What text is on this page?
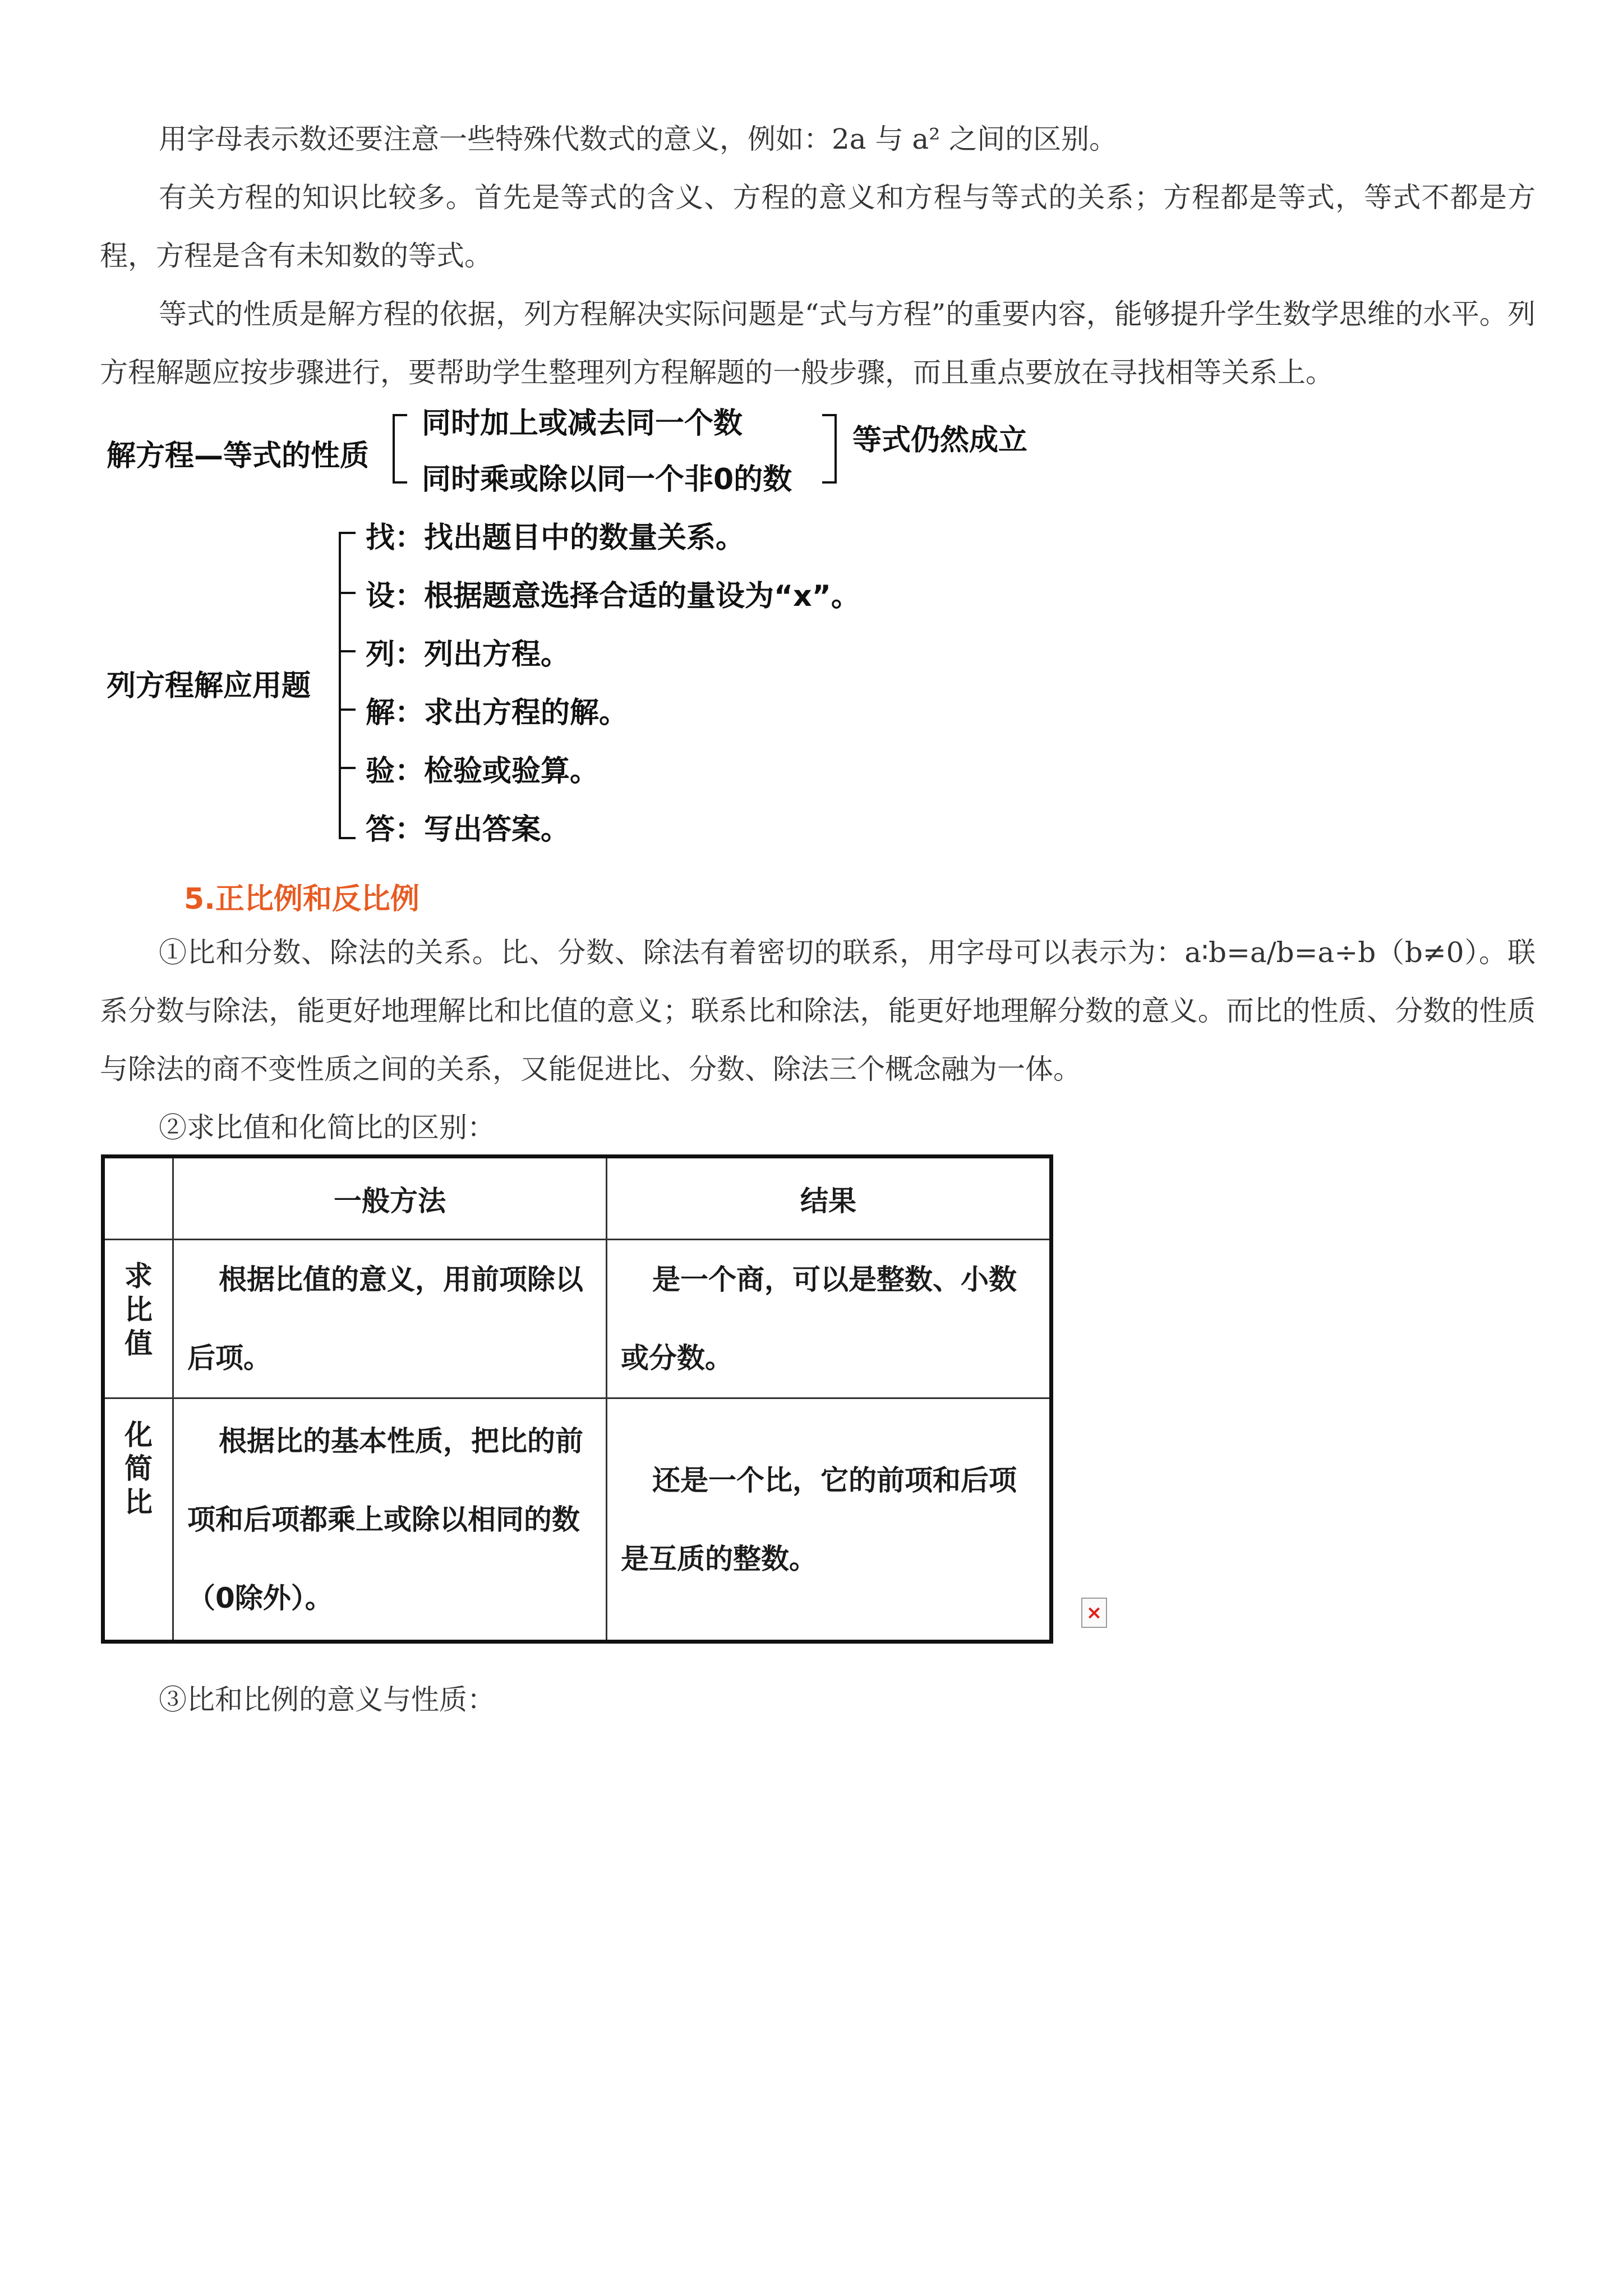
用字母表示数还要注意一些特殊代数式的意义，例如：2a 与 a² 之间的区别。

有关方程的知识比较多。首先是等式的含义、方程的意义和方程与等式的关系；方程都是等式，等式不都是方程，方程是含有未知数的等式。

等式的性质是解方程的依据，列方程解决实际问题是“式与方程”的重要内容，能够提升学生数学思维的水平。列方程解题应按步骤进行，要帮助学生整理列方程解题的一般步骤，而且重点要放在寻找相等关系上。

解方程—等式的性质
同时加上或减去同一个数
同时乘或除以同一个非0的数
等式仍然成立
列方程解应用题
找：找出题目中的数量关系。
设：根据题意选择合适的量设为“x”。
列：列出方程。
解：求出方程的解。
验：检验或验算。
答：写出答案。
5.正比例和反比例

①比和分数、除法的关系。比、分数、除法有着密切的联系，用字母可以表示为：a∶b=a/b=a÷b（b≠0）。联系分数与除法，能更好地理解比和比值的意义；联系比和除法，能更好地理解分数的意义。而比的性质、分数的性质与除法的商不变性质之间的关系，又能促进比、分数、除法三个概念融为一体。

②求比值和化简比的区别：

	一般方法	结果

求
比
值	根据比值的意义，用前项除以后项。	是一个商，可以是整数、小数或分数。

化
简
比	根据比的基本性质，把比的前项和后项都乘上或除以相同的数（0除外）。	还是一个比，它的前项和后项是互质的整数。
×

③比和比例的意义与性质：
